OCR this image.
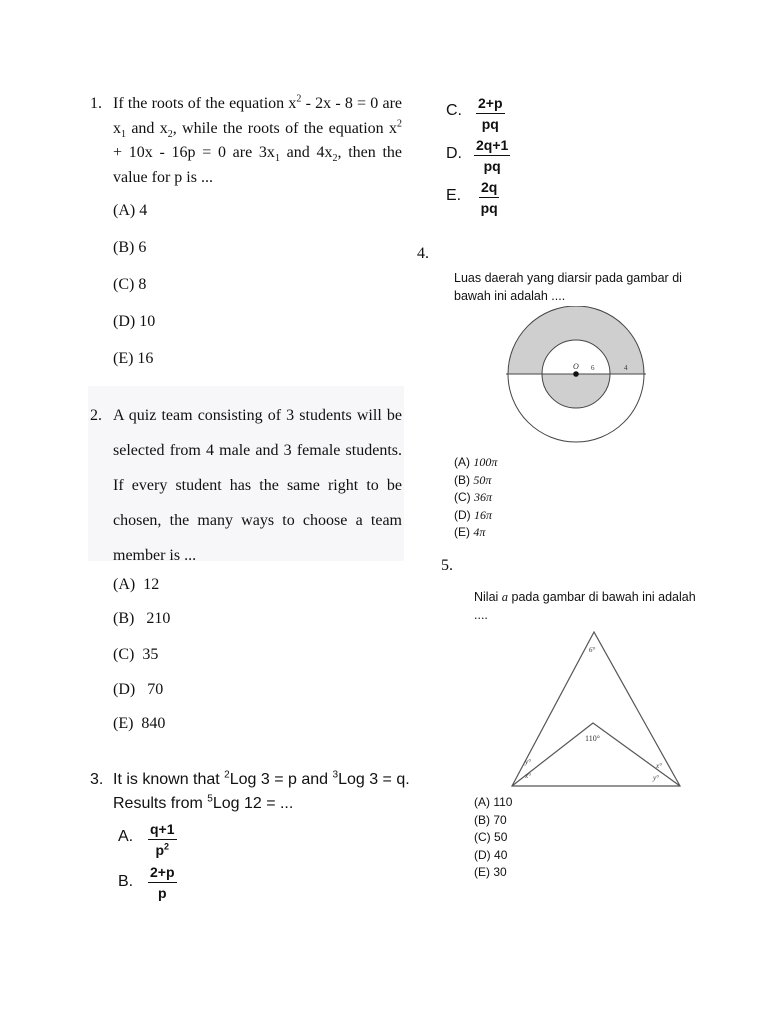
1. If the roots of the equation $x^2 - 2x - 8 = 0$ are $x_1$ and $x_2$, while the roots of the equation $x^2 + 10x - 16p = 0$ are $3x_1$ and $4x_2$, then the value for p is ...
(A) 4
(B) 6
(C) 8
(D) 10
(E) 16
2. A quiz team consisting of 3 students will be selected from 4 male and 3 female students. If every student has the same right to be chosen, the many ways to choose a team member is ...
(A)  12
(B)   210
(C)  35
(D)   70
(E)  840
3. It is known that $^2$Log 3 = p and $^3$Log 3 = q. Results from $^5$Log 12 = ...
A. $\frac{q+1}{p^2}$
B. $\frac{2+p}{p}$
C. $\frac{2+p}{pq}$
D. $\frac{2q+1}{pq}$
E. $\frac{2q}{pq}$
4.
Luas daerah yang diarsir pada gambar di
bawah ini adalah ....
O 6	4
(A) 100π
(B) 50π
(C) 36π
(D) 16π
(E) 4π
5.
Nilai a pada gambar di bawah ini adalah
....
6°
110°
y°
x°
x°
y°
(A) 110
(B) 70
(C) 50
(D) 40
(E) 30
